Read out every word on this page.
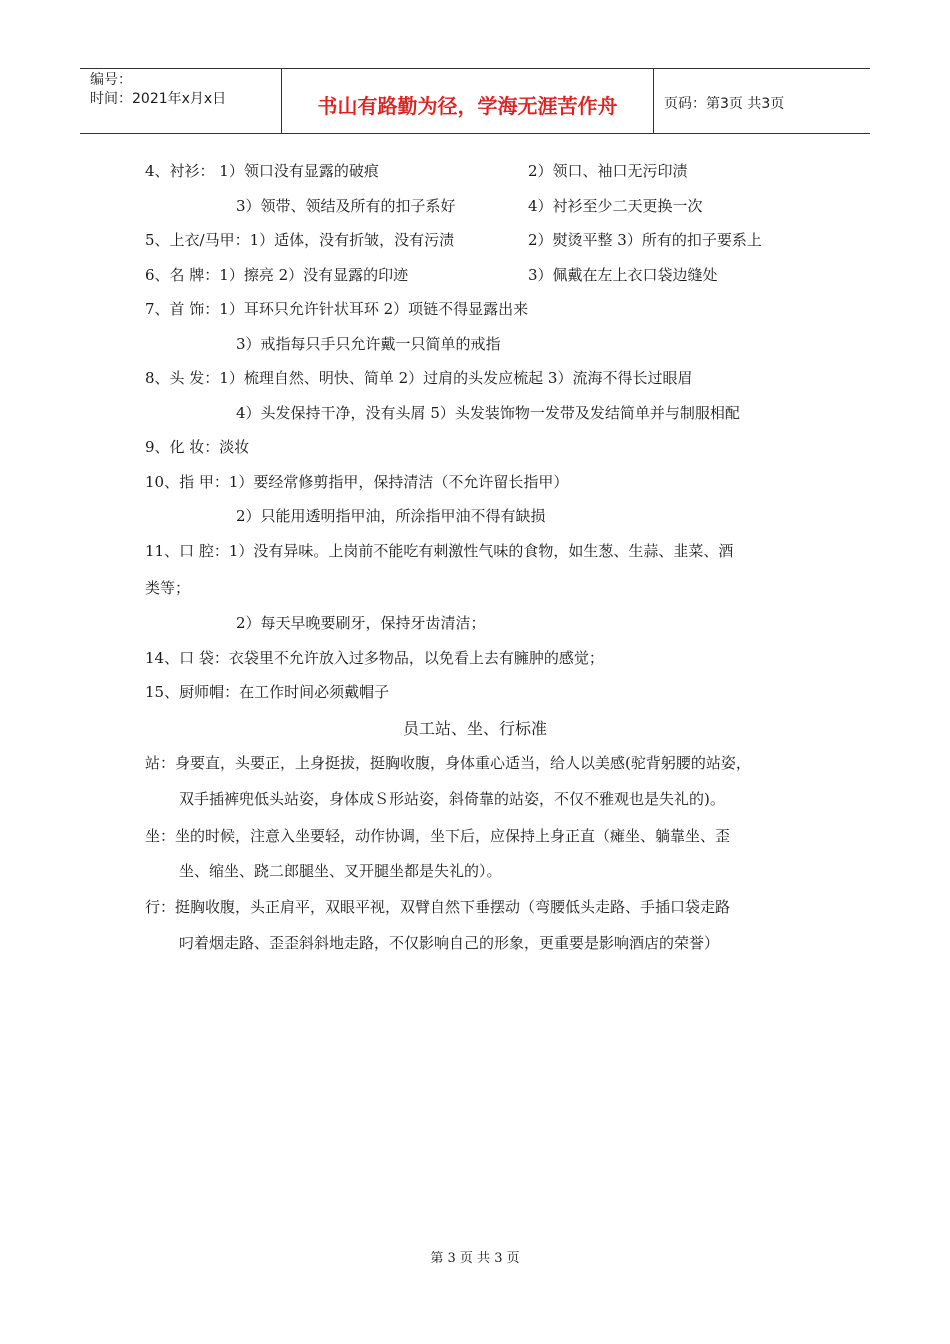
编号：
时间：2021年x月x日	书山有路勤为径，学海无涯苦作舟	页码：第3页 共3页
4、衬衫： 1）领口没有显露的破痕	2）领口、袖口无污印渍
3）领带、领结及所有的扣子系好	4）衬衫至少二天更换一次
5、上衣/马甲：1）适体，没有折皱，没有污渍	2）熨烫平整 3）所有的扣子要系上
6、名 牌：1）擦亮 2）没有显露的印迹	3）佩戴在左上衣口袋边缝处
7、首 饰：1）耳环只允许针状耳环 2）项链不得显露出来
3）戒指每只手只允许戴一只简单的戒指
8、头 发：1）梳理自然、明快、简单 2）过肩的头发应梳起 3）流海不得长过眼眉
4）头发保持干净，没有头屑 5）头发装饰物一发带及发结简单并与制服相配
9、化 妆：淡妆
10、指 甲：1）要经常修剪指甲，保持清洁（不允许留长指甲）
2）只能用透明指甲油，所涂指甲油不得有缺损
11、口 腔：1）没有异味。上岗前不能吃有刺激性气味的食物，如生葱、生蒜、韭菜、酒
类等；
2）每天早晚要刷牙，保持牙齿清洁；
14、口 袋：衣袋里不允许放入过多物品，以免看上去有臃肿的感觉；
15、厨师帽：在工作时间必须戴帽子
员工站、坐、行标准
站：身要直，头要正，上身挺拔，挺胸收腹，身体重心适当，给人以美感(驼背躬腰的站姿，
双手插裤兜低头站姿，身体成Ｓ形站姿，斜倚靠的站姿，不仅不雅观也是失礼的)。
坐：坐的时候，注意入坐要轻，动作协调，坐下后，应保持上身正直（瘫坐、躺靠坐、歪
坐、缩坐、跷二郎腿坐、叉开腿坐都是失礼的）。
行：挺胸收腹，头正肩平，双眼平视，双臂自然下垂摆动（弯腰低头走路、手插口袋走路
叼着烟走路、歪歪斜斜地走路，不仅影响自己的形象，更重要是影响酒店的荣誉）
第 3 页 共 3 页
